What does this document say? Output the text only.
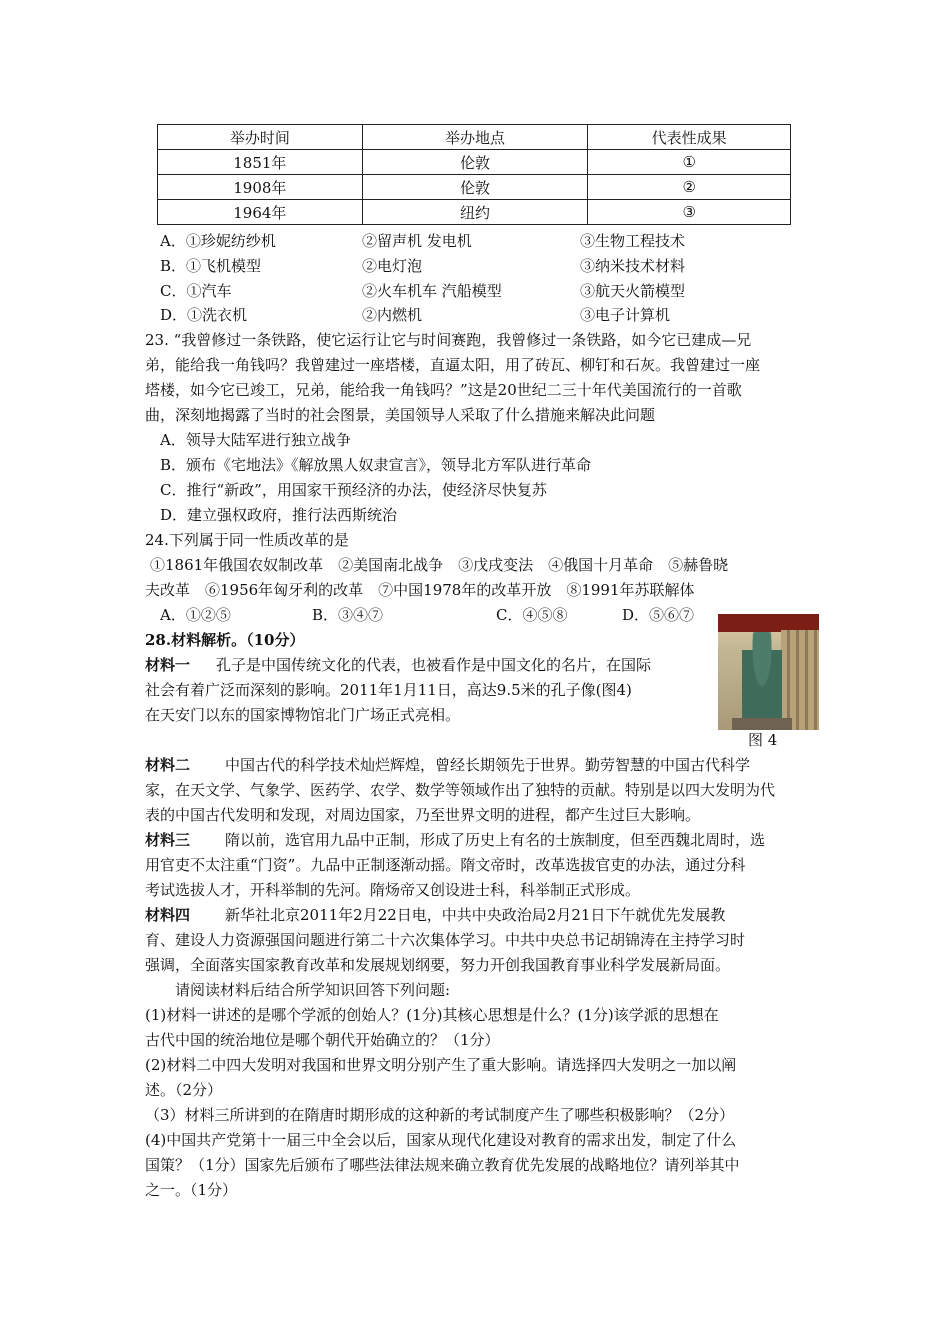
举办时间	举办地点	代表性成果
1851年	伦敦	①
1908年	伦敦	②
1964年	纽约	③
A．①珍妮纺纱机	②留声机 发电机	③生物工程技术
B．①飞机模型	②电灯泡	③纳米技术材料
C．①汽车	②火车机车 汽船模型	③航天火箭模型
D．①洗衣机	②内燃机	③电子计算机
23. “我曾修过一条铁路，使它运行让它与时间赛跑，我曾修过一条铁路，如今它已建成—兄
弟，能给我一角钱吗？我曾建过一座塔楼，直逼太阳，用了砖瓦、柳钉和石灰。我曾建过一座
塔楼，如今它已竣工，兄弟，能给我一角钱吗？”这是20世纪二三十年代美国流行的一首歌
曲，深刻地揭露了当时的社会图景，美国领导人采取了什么措施来解决此问题
A．领导大陆军进行独立战争
B．颁布《宅地法》《解放黑人奴隶宣言》，领导北方军队进行革命
C．推行“新政”，用国家干预经济的办法，使经济尽快复苏
D．建立强权政府，推行法西斯统治
24.下列属于同一性质改革的是
①1861年俄国农奴制改革　②美国南北战争　③戊戌变法　④俄国十月革命　⑤赫鲁晓
夫改革　⑥1956年匈牙利的改革　⑦中国1978年的改革开放　⑧1991年苏联解体
A．①②⑤	B．③④⑦	C．④⑤⑧	D．⑤⑥⑦
28.材料解析。（10分）
材料一 孔子是中国传统文化的代表，也被看作是中国文化的名片，在国际
社会有着广泛而深刻的影响。2011年1月11日，高达9.5米的孔子像(图4)
在天安门以东的国家博物馆北门广场正式亮相。
图 4
材料二 中国古代的科学技术灿烂辉煌，曾经长期领先于世界。勤劳智慧的中国古代科学
家，在天文学、气象学、医药学、农学、数学等领域作出了独特的贡献。特别是以四大发明为代
表的中国古代发明和发现，对周边国家，乃至世界文明的进程，都产生过巨大影响。
材料三 隋以前，选官用九品中正制，形成了历史上有名的士族制度，但至西魏北周时，选
用官吏不太注重“门资”。九品中正制逐渐动摇。隋文帝时，改革选拔官吏的办法，通过分科
考试选拔人才，开科举制的先河。隋炀帝又创设进士科，科举制正式形成。
材料四 新华社北京2011年2月22日电，中共中央政治局2月21日下午就优先发展教
育、建设人力资源强国问题进行第二十六次集体学习。中共中央总书记胡锦涛在主持学习时
强调，全面落实国家教育改革和发展规划纲要，努力开创我国教育事业科学发展新局面。
请阅读材料后结合所学知识回答下列问题:
(1)材料一讲述的是哪个学派的创始人？(1分)其核心思想是什么？(1分)该学派的思想在
古代中国的统治地位是哪个朝代开始确立的？（1分）
(2)材料二中四大发明对我国和世界文明分别产生了重大影响。请选择四大发明之一加以阐
述。（2分）
（3）材料三所讲到的在隋唐时期形成的这种新的考试制度产生了哪些积极影响？（2分）
(4)中国共产党第十一届三中全会以后，国家从现代化建设对教育的需求出发，制定了什么
国策？（1分）国家先后颁布了哪些法律法规来确立教育优先发展的战略地位？请列举其中
之一。（1分）
